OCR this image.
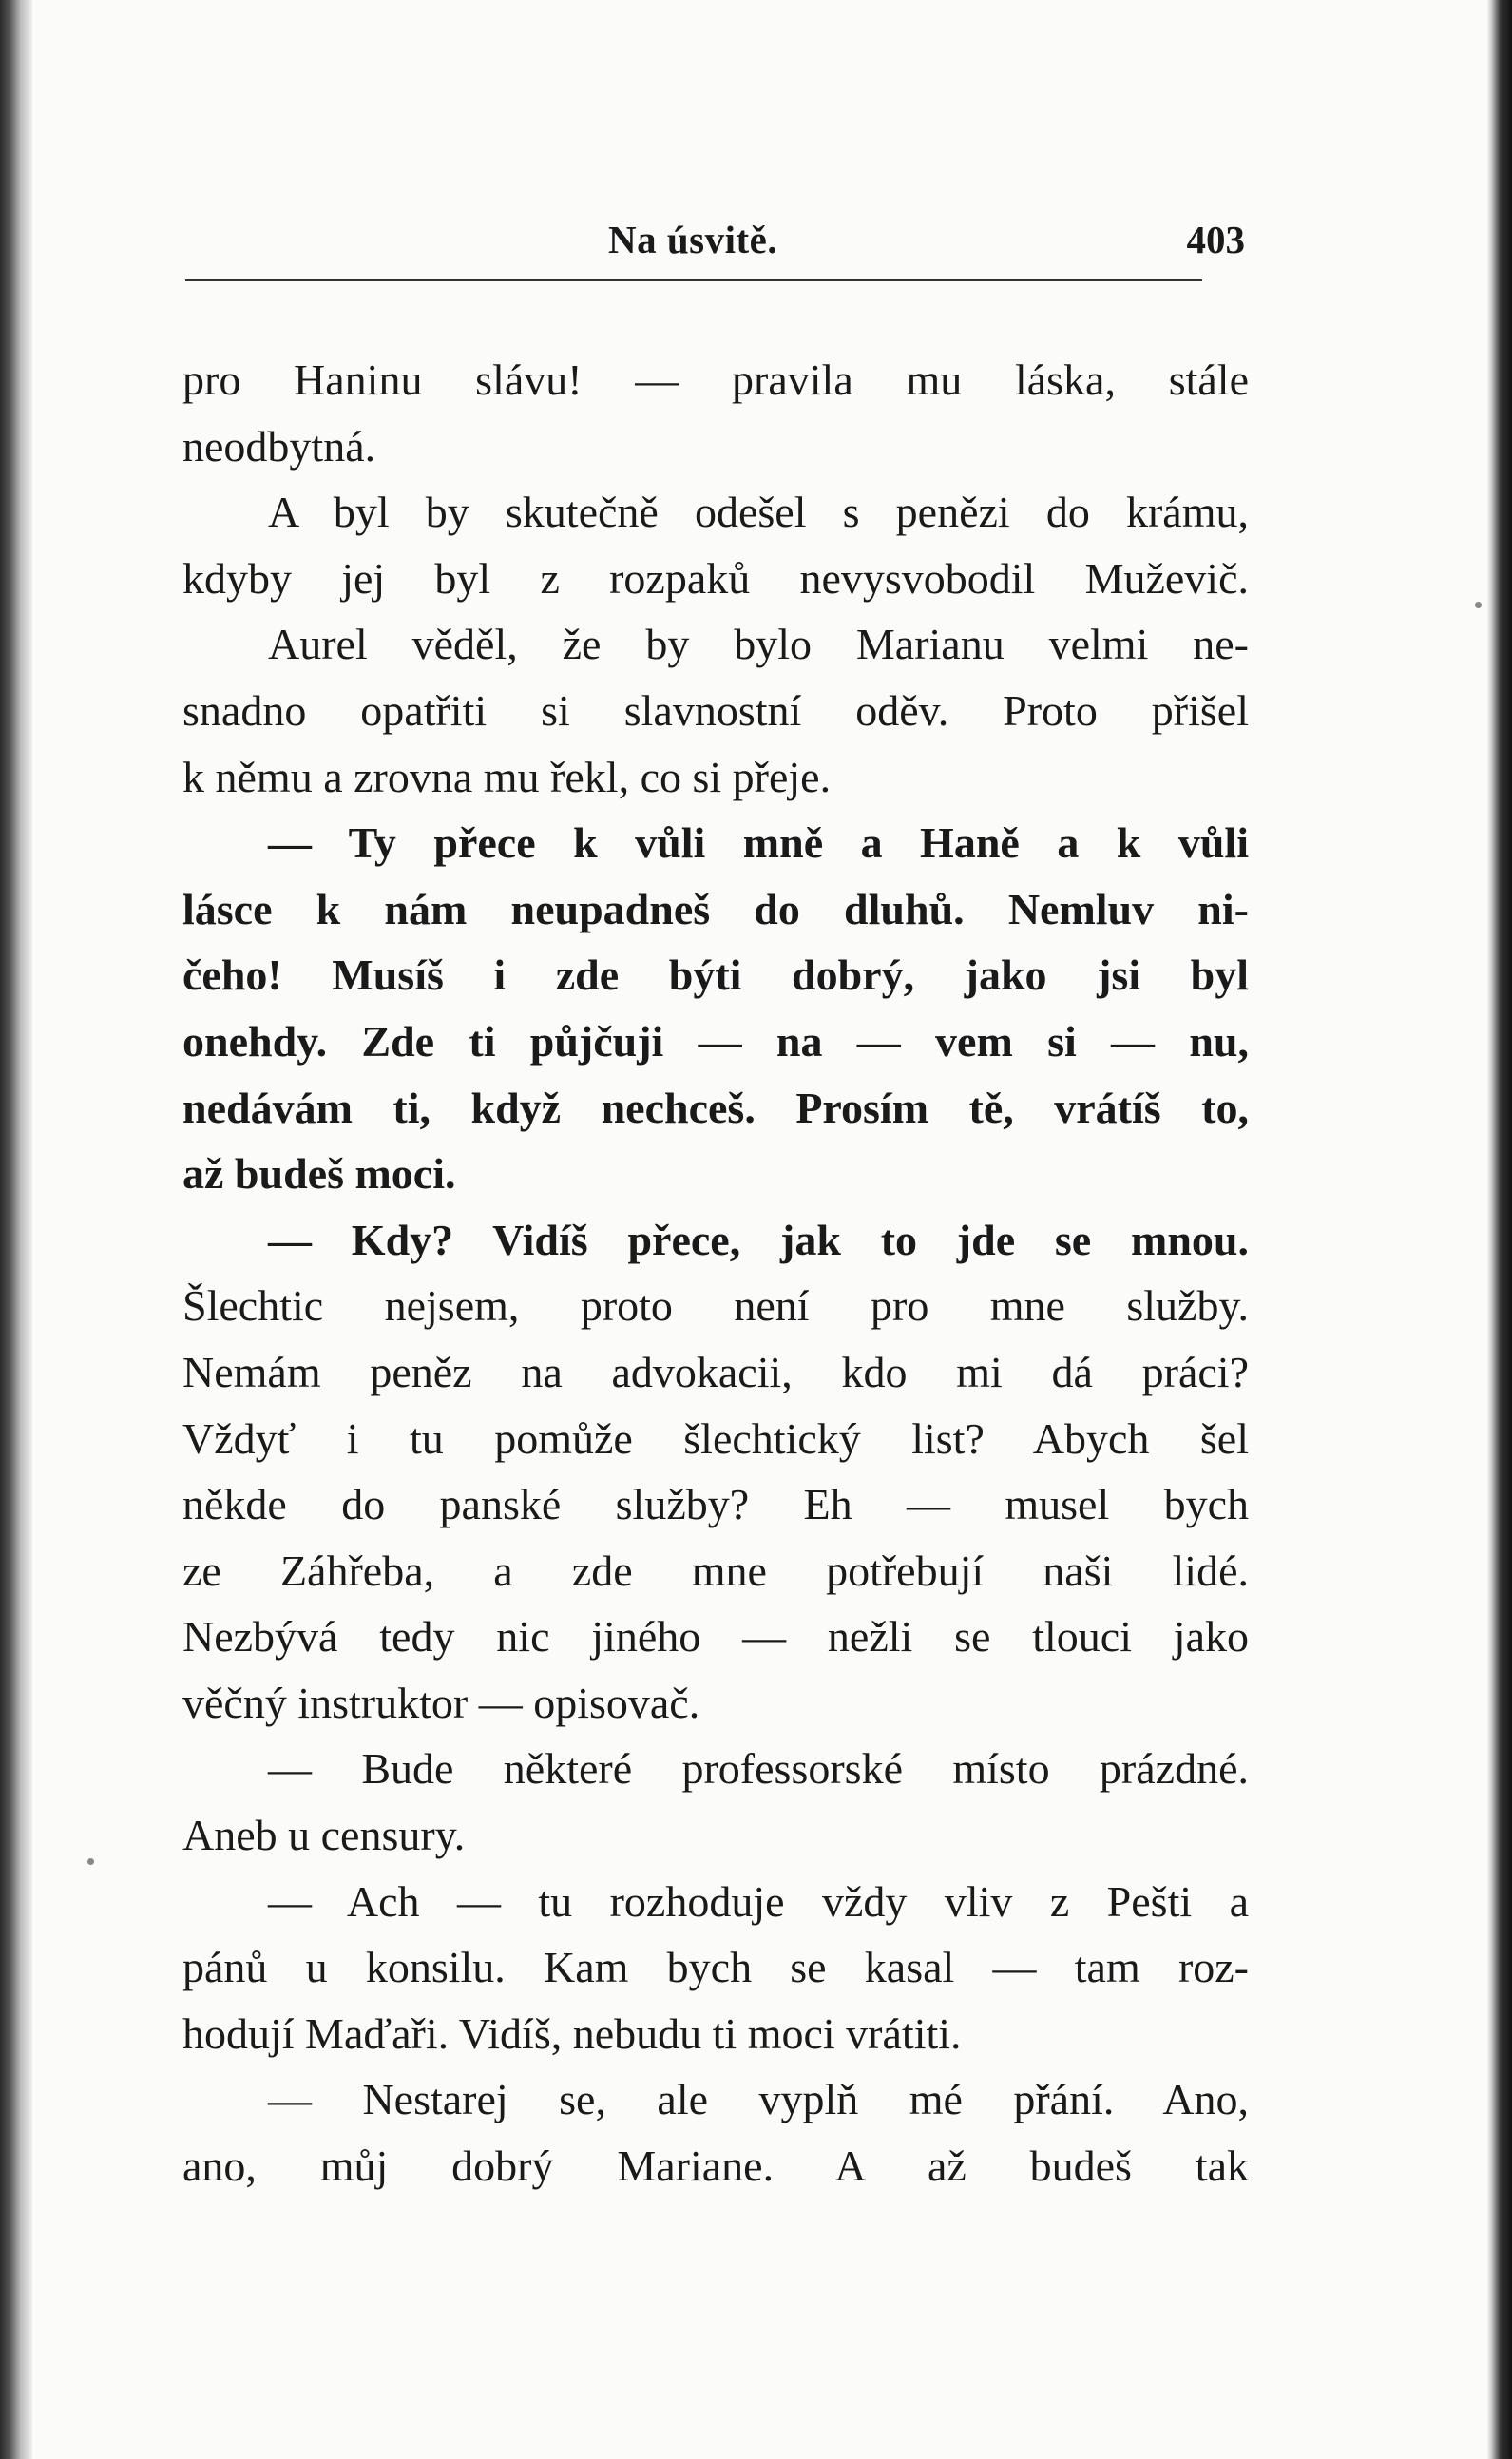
Na úsvitě.	403
pro Haninu slávu! — pravila mu láska, stále
neodbytná.
A byl by skutečně odešel s penězi do krámu,
kdyby jej byl z rozpaků nevysvobodil Muževič.
Aurel věděl, že by bylo Marianu velmi ne-
snadno opatřiti si slavnostní oděv. Proto přišel
k němu a zrovna mu řekl, co si přeje.
— Ty přece k vůli mně a Haně a k vůli
lásce k nám neupadneš do dluhů. Nemluv ni-
čeho! Musíš i zde býti dobrý, jako jsi byl
onehdy. Zde ti půjčuji — na — vem si — nu,
nedávám ti, když nechceš. Prosím tě, vrátíš to,
až budeš moci.
— Kdy? Vidíš přece, jak to jde se mnou.
Šlechtic nejsem, proto není pro mne služby.
Nemám peněz na advokacii, kdo mi dá práci?
Vždyť i tu pomůže šlechtický list? Abych šel
někde do panské služby? Eh — musel bych
ze Záhřeba, a zde mne potřebují naši lidé.
Nezbývá tedy nic jiného — nežli se tlouci jako
věčný instruktor — opisovač.
— Bude některé professorské místo prázdné.
Aneb u censury.
— Ach — tu rozhoduje vždy vliv z Pešti a
pánů u konsilu. Kam bych se kasal — tam roz-
hodují Maďaři. Vidíš, nebudu ti moci vrátiti.
— Nestarej se, ale vyplň mé přání. Ano,
ano, můj dobrý Mariane. A až budeš tak
